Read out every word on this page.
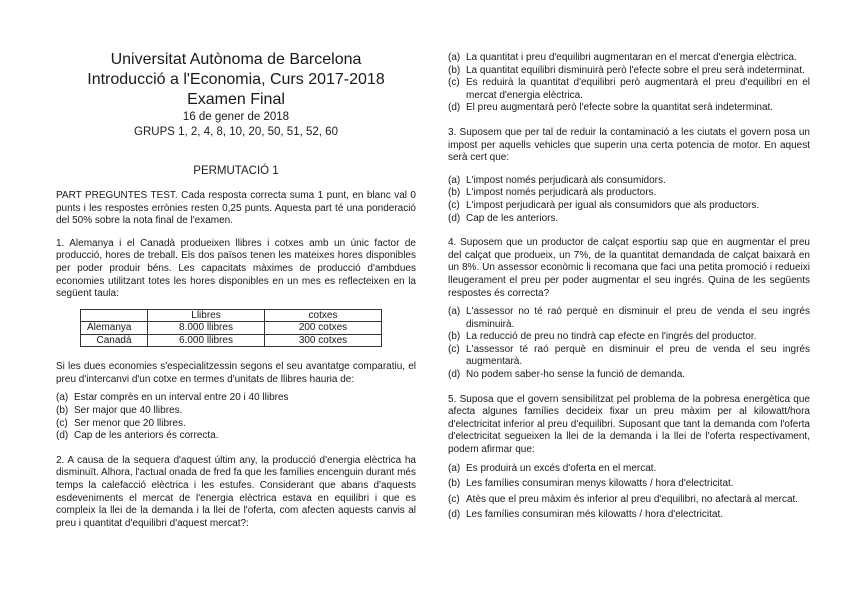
Universitat Autònoma de Barcelona
Introducció a l'Economia, Curs 2017-2018
Examen Final
16 de gener de 2018
GRUPS 1, 2, 4, 8, 10, 20, 50, 51, 52, 60
PERMUTACIÓ 1

PART PREGUNTES TEST. Cada resposta correcta suma 1 punt, en blanc val 0 punts i les respostes errònies resten 0,25 punts. Aquesta part té una ponderació del 50% sobre la nota final de l'examen.

1. Alemanya i el Canadà produeixen llibres i cotxes amb un únic factor de producció, hores de treball. Els dos països tenen les mateixes hores disponibles per poder produir béns. Les capacitats màximes de producció d'ambdues economies utilitzant totes les hores disponibles en un mes es reflecteixen en la següent taula:

	Llibres	cotxes
Alemanya	8.000 llibres	200 cotxes
Canadà	6.000 llibres	300 cotxes

Si les dues economies s'especialitzessin segons el seu avantatge comparatiu, el preu d'intercanvi d'un cotxe en termes d'unitats de llibres hauria de:

(a) Estar comprès en un interval entre 20 i 40 llibres
(b) Ser major que 40 llibres.
(c) Ser menor que 20 llibres.
(d) Cap de les anteriors és correcta.

2. A causa de la sequera d'aquest últim any, la producció d'energia elèctrica ha disminuït. Alhora, l'actual onada de fred fa que les famílies encenguin durant més temps la calefacció elèctrica i les estufes. Considerant que abans d'aquests esdeveniments el mercat de l'energia elèctrica estava en equilibri i que es compleix la llei de la demanda i la llei de l'oferta, com afecten aquests canvis al preu i quantitat d'equilibri d'aquest mercat?:

(a) La quantitat i preu d'equilibri augmentaran en el mercat d'energia elèctrica.
(b) La quantitat equilibri disminuirà però l'efecte sobre el preu serà indeterminat.
(c) Es reduirà la quantitat d'equilibri però augmentarà el preu d'equilibri en el mercat d'energia elèctrica.
(d) El preu augmentarà però l'efecte sobre la quantitat serà indeterminat.

3. Suposem que per tal de reduir la contaminació a les ciutats el govern posa un impost per aquells vehicles que superin una certa potencia de motor. En aquest serà cert que:

(a) L'impost només perjudicarà als consumidors.
(b) L'impost només perjudicarà als productors.
(c) L'impost perjudicarà per igual als consumidors que als productors.
(d) Cap de les anteriors.

4. Suposem que un productor de calçat esportiu sap que en augmentar el preu del calçat que produeix, un 7%, de la quantitat demandada de calçat baixarà en un 8%. Un assessor econòmic li recomana que faci una petita promoció i redueixi lleugerament el preu per poder augmentar el seu ingrés. Quina de les següents respostes és correcta?

(a) L'assessor no té raó perquè en disminuir el preu de venda el seu ingrés disminuirà.
(b) La reducció de preu no tindrà cap efecte en l'ingrés del productor.
(c) L'assessor té raó perquè en disminuir el preu de venda el seu ingrés augmentarà.
(d) No podem saber-ho sense la funció de demanda.

5. Suposa que el govern sensibilitzat pel problema de la pobresa energètica que afecta algunes famílies decideix fixar un preu màxim per al kilowatt/hora d'electricitat inferior al preu d'equilibri. Suposant que tant la demanda com l'oferta d'electricitat segueixen la llei de la demanda i la llei de l'oferta respectivament, podem afirmar que:

(a) Es produirà un excés d'oferta en el mercat.
(b) Les famílies consumiran menys kilowatts / hora d'electricitat.
(c) Atès que el preu màxim és inferior al preu d'equilibri, no afectarà al mercat.
(d) Les famílies consumiran més kilowatts / hora d'electricitat.
